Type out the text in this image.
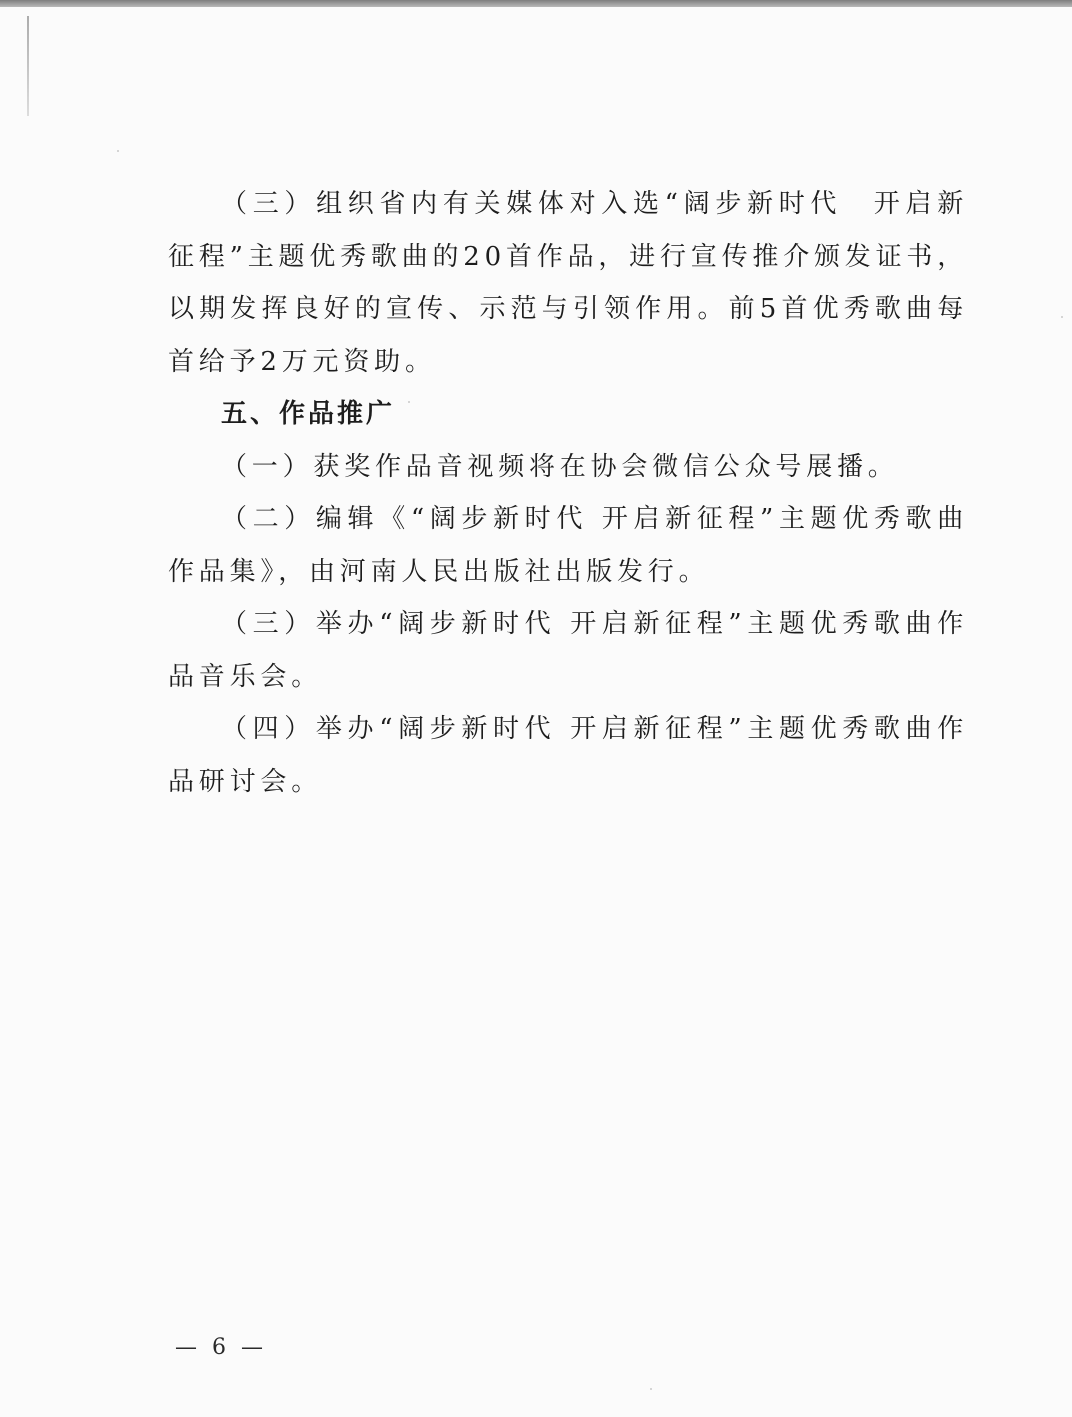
（三）组织省内有关媒体对入选“阔步新时代　开启新征程”主题优秀歌曲的20首作品，进行宣传推介颁发证书，以期发挥良好的宣传、示范与引领作用。前5首优秀歌曲每首给予2万元资助。

五、作品推广

（一）获奖作品音视频将在协会微信公众号展播。

（二）编辑《“阔步新时代 开启新征程”主题优秀歌曲作品集》，由河南人民出版社出版发行。

（三）举办“阔步新时代 开启新征程”主题优秀歌曲作品音乐会。

（四）举办“阔步新时代 开启新征程”主题优秀歌曲作品研讨会。

— 6 —
